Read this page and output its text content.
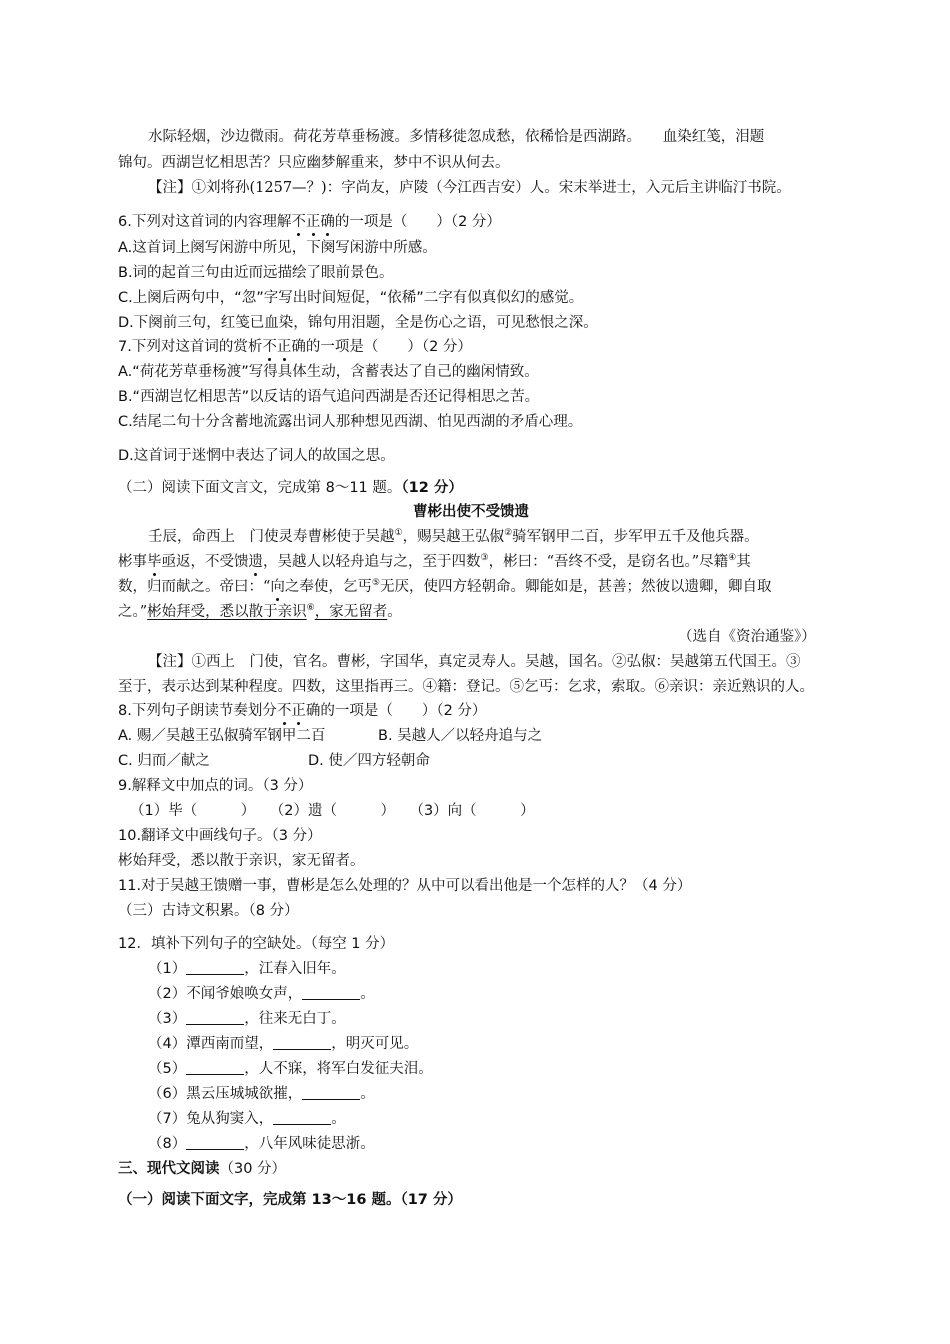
水际轻烟，沙边微雨。荷花芳草垂杨渡。多情移徙忽成愁，依稀恰是西湖路。　　血染红笺，泪题
锦句。西湖岂忆相思苦？只应幽梦解重来，梦中不识从何去。
【注】①刘将孙(1257—？)：字尚友，庐陵（今江西吉安）人。宋末举进士，入元后主讲临汀书院。
6.下列对这首词的内容理解不正确的一项是（　　）（2 分）
A.这首词上阕写闲游中所见，下阕写闲游中所感。
B.词的起首三句由近而远描绘了眼前景色。
C.上阕后两句中，“忽”字写出时间短促，“依稀”二字有似真似幻的感觉。
D.下阕前三句，红笺已血染，锦句用泪题，全是伤心之语，可见愁恨之深。
7.下列对这首词的赏析不正确的一项是（　　）（2 分）
A.“荷花芳草垂杨渡”写得具体生动，含蓄表达了自己的幽闲情致。
B.“西湖岂忆相思苦”以反诘的语气追问西湖是否还记得相思之苦。
C.结尾二句十分含蓄地流露出词人那种想见西湖、怕见西湖的矛盾心理。
D.这首词于迷惘中表达了词人的故国之思。
（二）阅读下面文言文，完成第 8～11 题。（12 分）
曹彬出使不受馈遗
壬辰，命西上　门使灵寿曹彬使于吴越①，赐吴越王弘俶②骑军钢甲二百，步军甲五千及他兵器。
彬事毕亟返，不受馈遗，吴越人以轻舟追与之，至于四数③，彬曰：“吾终不受，是窃名也。”尽籍④其
数，归而献之。帝曰：“向之奉使，乞丐⑤无厌，使四方轻朝命。卿能如是，甚善；然彼以遗卿，卿自取
之。”彬始拜受，悉以散于亲识⑥，家无留者。
（选自《资治通鉴》）
【注】①西上　门使，官名。曹彬，字国华，真定灵寿人。吴越，国名。②弘俶：吴越第五代国王。③
至于，表示达到某种程度。四数，这里指再三。④籍：登记。⑤乞丐：乞求，索取。⑥亲识：亲近熟识的人。
8.下列句子朗读节奏划分不正确的一项是（　　）（2 分）
A. 赐／吴越王弘俶骑军钢甲二百	B. 吴越人／以轻舟追与之
C. 归而／献之	D. 使／四方轻朝命
9.解释文中加点的词。（3 分）
（1）毕（　　　）　　（2）遗（　　　）　　（3）向（　　　）
10.翻译文中画线句子。（3 分）
彬始拜受，悉以散于亲识，家无留者。
11.对于吴越王馈赠一事，曹彬是怎么处理的？从中可以看出他是一个怎样的人？（4 分）
（三）古诗文积累。（8 分）
12．填补下列句子的空缺处。（每空 1 分）
（1）	，江春入旧年。
（2）不闻爷娘唤女声，	。
（3）	，往来无白丁。
（4）潭西南而望，	，明灭可见。
（5）	，人不寐，将军白发征夫泪。
（6）黑云压城城欲摧，	。
（7）兔从狗窦入，	。
（8）	，八年风味徒思浙。
三、现代文阅读（30 分）
（一）阅读下面文字，完成第 13～16 题。（17 分）
